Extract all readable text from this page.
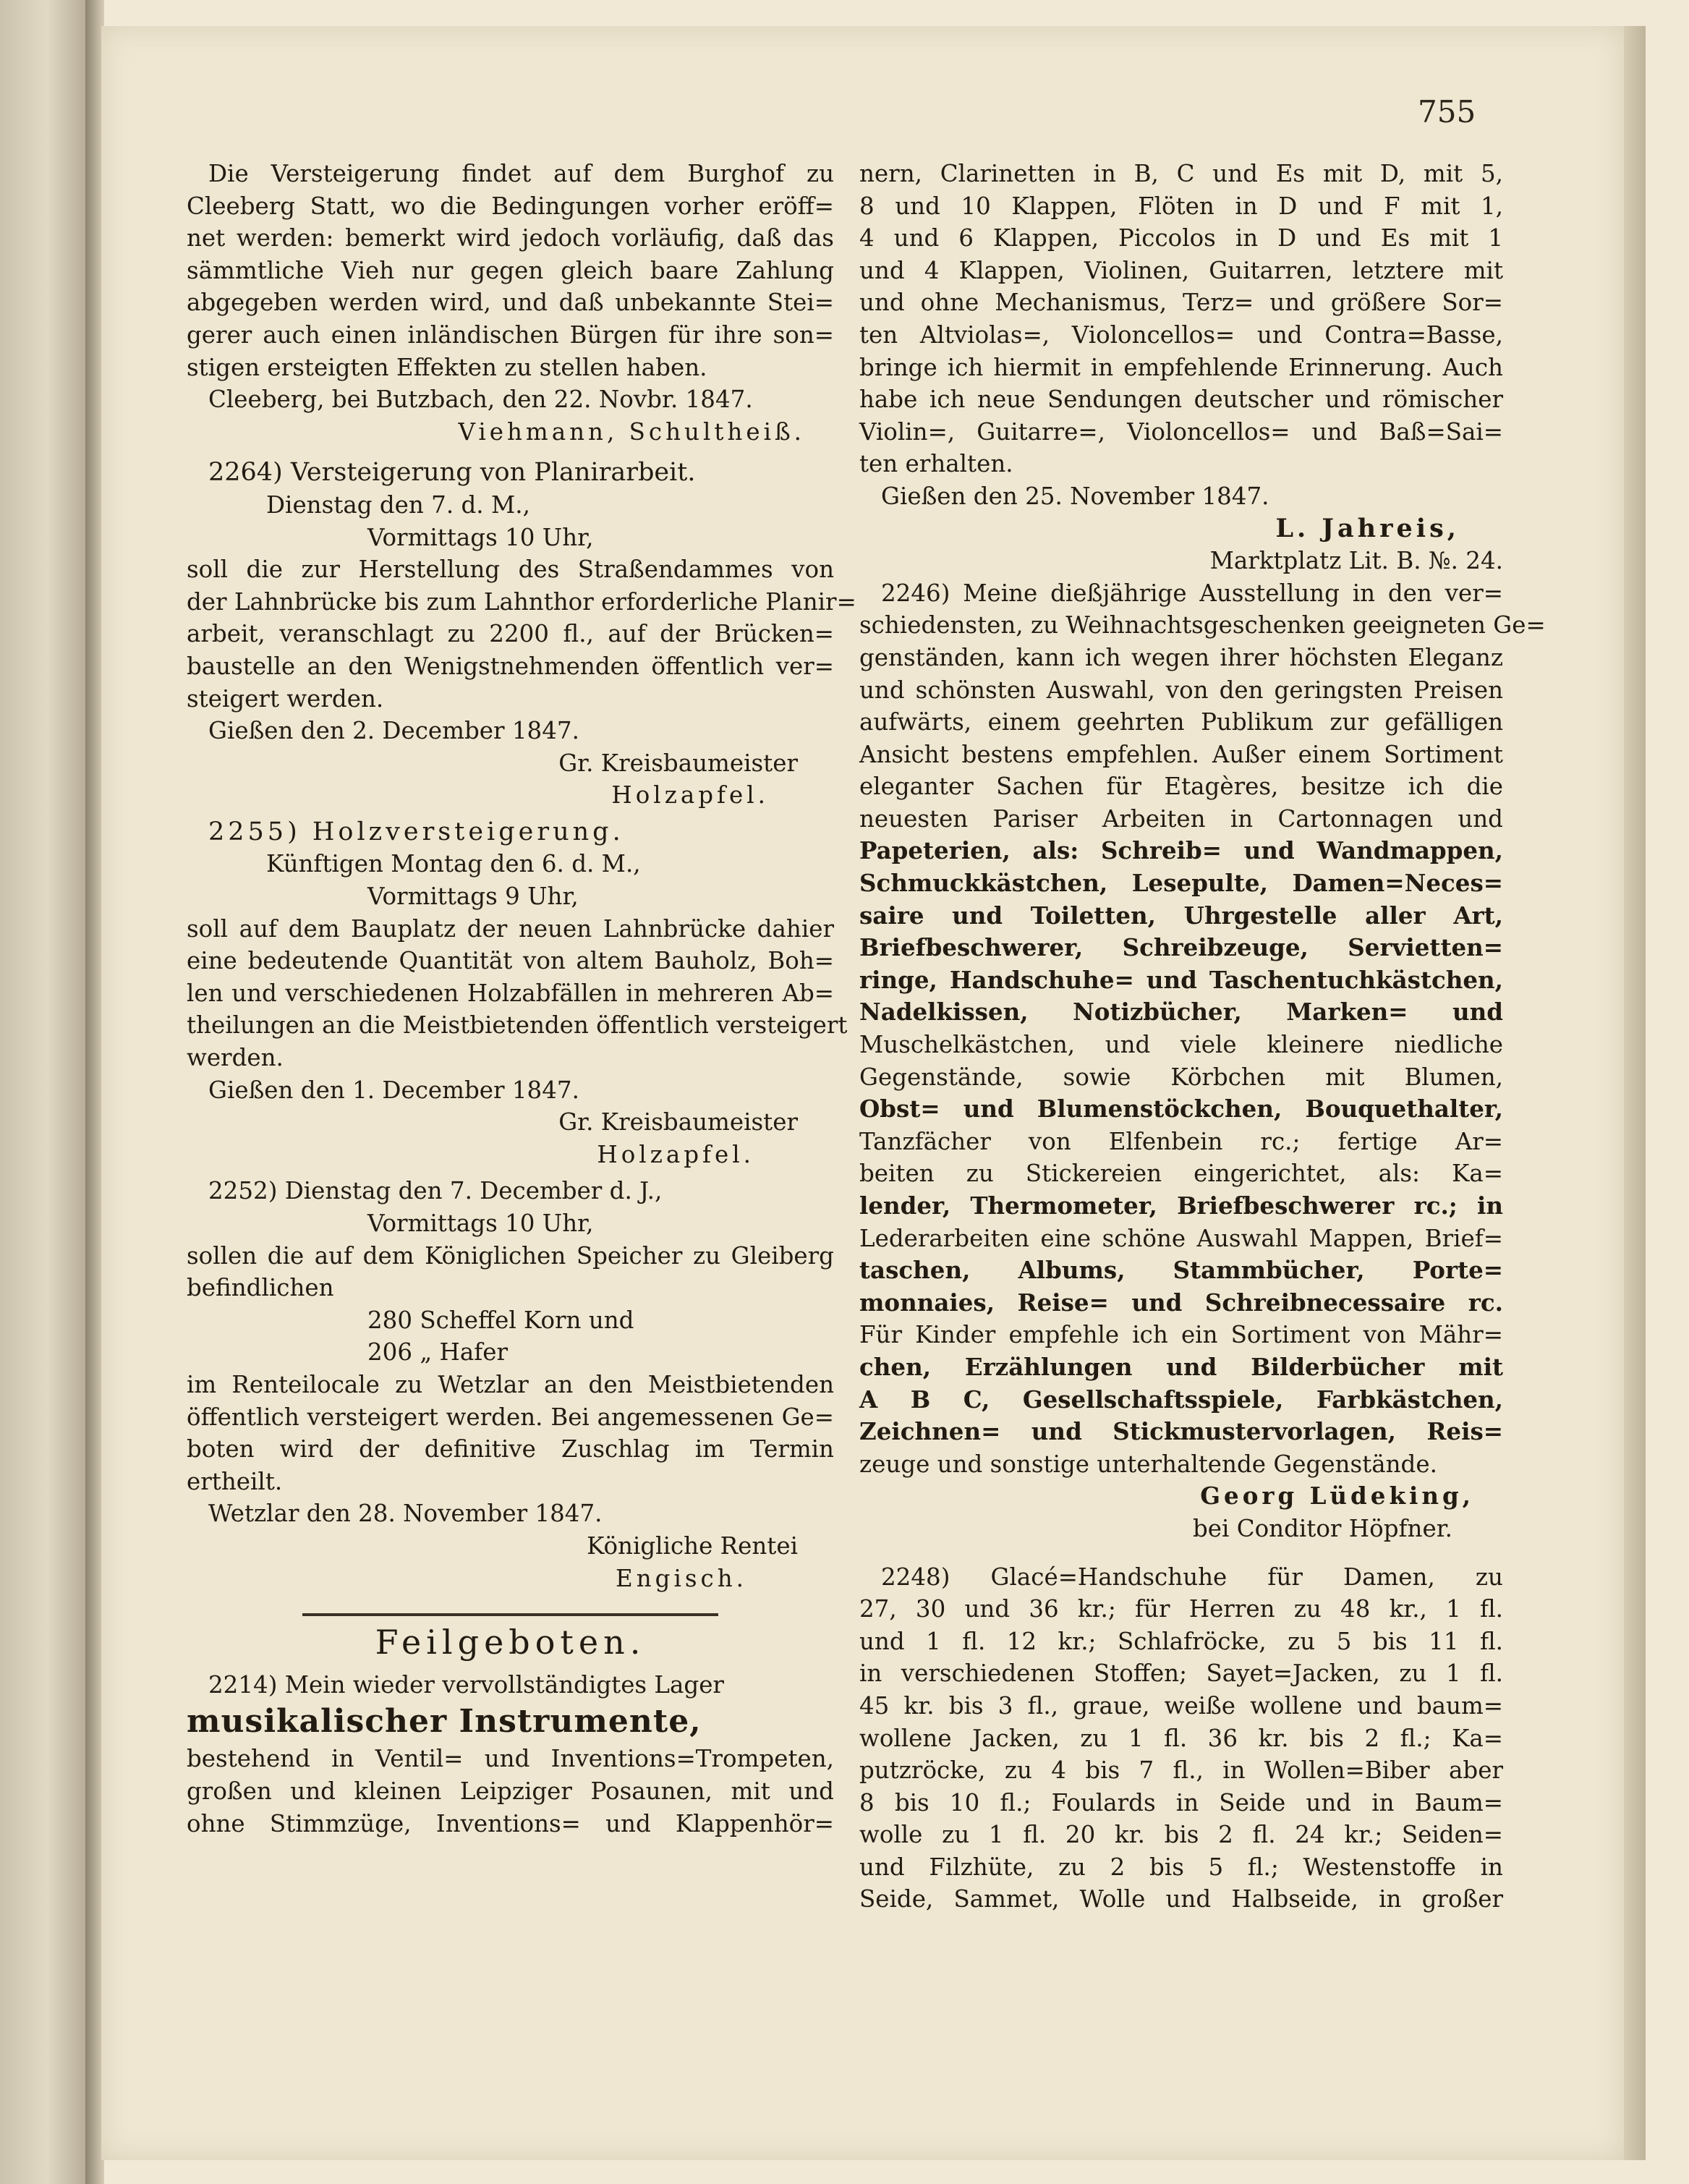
755

Die Versteigerung findet auf dem Burghof zu

Cleeberg Statt, wo die Bedingungen vorher eröff=

net werden: bemerkt wird jedoch vorläufig, daß das

sämmtliche Vieh nur gegen gleich baare Zahlung

abgegeben werden wird, und daß unbekannte Stei=

gerer auch einen inländischen Bürgen für ihre son=

stigen ersteigten Effekten zu stellen haben.

Cleeberg, bei Butzbach, den 22. Novbr. 1847.

Viehmann, Schultheiß.

2264) Versteigerung von Planirarbeit.

Dienstag den 7. d. M.,

Vormittags 10 Uhr,

soll die zur Herstellung des Straßendammes von

der Lahnbrücke bis zum Lahnthor erforderliche Planir=

arbeit, veranschlagt zu 2200 fl., auf der Brücken=

baustelle an den Wenigstnehmenden öffentlich ver=

steigert werden.

Gießen den 2. December 1847.

Gr. Kreisbaumeister

Holzapfel.

2255) Holzversteigerung.

Künftigen Montag den 6. d. M.,

Vormittags 9 Uhr,

soll auf dem Bauplatz der neuen Lahnbrücke dahier

eine bedeutende Quantität von altem Bauholz, Boh=

len und verschiedenen Holzabfällen in mehreren Ab=

theilungen an die Meistbietenden öffentlich versteigert

werden.

Gießen den 1. December 1847.

Gr. Kreisbaumeister

Holzapfel.

2252) Dienstag den 7. December d. J.,

Vormittags 10 Uhr,

sollen die auf dem Königlichen Speicher zu Gleiberg

befindlichen

280 Scheffel Korn und

206 „ Hafer

im Renteilocale zu Wetzlar an den Meistbietenden

öffentlich versteigert werden. Bei angemessenen Ge=

boten wird der definitive Zuschlag im Termin

ertheilt.

Wetzlar den 28. November 1847.

Königliche Rentei

Engisch.

Feilgeboten.

2214) Mein wieder vervollständigtes Lager

musikalischer Instrumente,

bestehend in Ventil= und Inventions=Trompeten,

großen und kleinen Leipziger Posaunen, mit und

ohne Stimmzüge, Inventions= und Klappenhör=

nern, Clarinetten in B, C und Es mit D, mit 5,

8 und 10 Klappen, Flöten in D und F mit 1,

4 und 6 Klappen, Piccolos in D und Es mit 1

und 4 Klappen, Violinen, Guitarren, letztere mit

und ohne Mechanismus, Terz= und größere Sor=

ten Altviolas=, Violoncellos= und Contra=Basse,

bringe ich hiermit in empfehlende Erinnerung. Auch

habe ich neue Sendungen deutscher und römischer

Violin=, Guitarre=, Violoncellos= und Baß=Sai=

ten erhalten.

Gießen den 25. November 1847.

L. Jahreis,

Marktplatz Lit. B. №. 24.

2246) Meine dießjährige Ausstellung in den ver=

schiedensten, zu Weihnachtsgeschenken geeigneten Ge=

genständen, kann ich wegen ihrer höchsten Eleganz

und schönsten Auswahl, von den geringsten Preisen

aufwärts, einem geehrten Publikum zur gefälligen

Ansicht bestens empfehlen. Außer einem Sortiment

eleganter Sachen für Etagères, besitze ich die

neuesten Pariser Arbeiten in Cartonnagen und

Papeterien, als: Schreib= und Wandmappen,

Schmuckkästchen, Lesepulte, Damen=Neces=

saire und Toiletten, Uhrgestelle aller Art,

Briefbeschwerer, Schreibzeuge, Servietten=

ringe, Handschuhe= und Taschentuchkästchen,

Nadelkissen, Notizbücher, Marken= und

Muschelkästchen, und viele kleinere niedliche

Gegenstände, sowie Körbchen mit Blumen,

Obst= und Blumenstöckchen, Bouquethalter,

Tanzfächer von Elfenbein rc.; fertige Ar=

beiten zu Stickereien eingerichtet, als: Ka=

lender, Thermometer, Briefbeschwerer rc.; in

Lederarbeiten eine schöne Auswahl Mappen, Brief=

taschen, Albums, Stammbücher, Porte=

monnaies, Reise= und Schreibnecessaire rc.

Für Kinder empfehle ich ein Sortiment von Mähr=

chen, Erzählungen und Bilderbücher mit

A B C, Gesellschaftsspiele, Farbkästchen,

Zeichnen= und Stickmustervorlagen, Reis=

zeuge und sonstige unterhaltende Gegenstände.

Georg Lüdeking,

bei Conditor Höpfner.

2248) Glacé=Handschuhe für Damen, zu

27, 30 und 36 kr.; für Herren zu 48 kr., 1 fl.

und 1 fl. 12 kr.; Schlafröcke, zu 5 bis 11 fl.

in verschiedenen Stoffen; Sayet=Jacken, zu 1 fl.

45 kr. bis 3 fl., graue, weiße wollene und baum=

wollene Jacken, zu 1 fl. 36 kr. bis 2 fl.; Ka=

putzröcke, zu 4 bis 7 fl., in Wollen=Biber aber

8 bis 10 fl.; Foulards in Seide und in Baum=

wolle zu 1 fl. 20 kr. bis 2 fl. 24 kr.; Seiden=

und Filzhüte, zu 2 bis 5 fl.; Westenstoffe in

Seide, Sammet, Wolle und Halbseide, in großer
